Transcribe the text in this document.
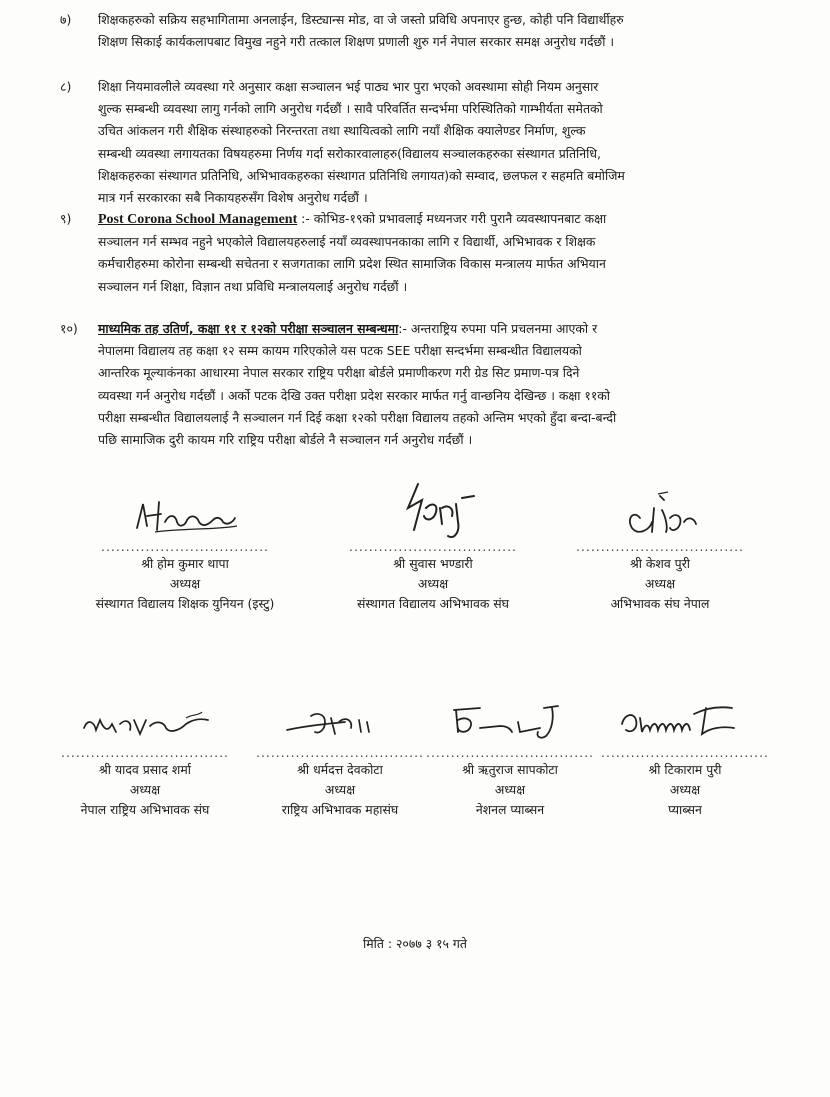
७) शिक्षकहरुको सक्रिय सहभागितामा अनलाईन, डिस्ट्यान्स मोड, वा जे जस्तो प्रविधि अपनाएर हुन्छ, कोही पनि विद्यार्थीहरु
शिक्षण सिकाई कार्यकलापबाट विमुख नहुने गरी तत्काल शिक्षण प्रणाली शुरु गर्न नेपाल सरकार समक्ष अनुरोध गर्दछौं ।
८) शिक्षा नियमावलीले व्यवस्था गरे अनुसार कक्षा सञ्चालन भई पाठ्य भार पुरा भएको अवस्थामा सोही नियम अनुसार
शुल्क सम्बन्धी व्यवस्था लागु गर्नको लागि अनुरोध गर्दछौं । सावै परिवर्तित सन्दर्भमा परिस्थितिको गाम्भीर्यता समेतको
उचित आंकलन गरी शैक्षिक संस्थाहरुको निरन्तरता तथा स्थायित्वको लागि नयाँ शैक्षिक क्यालेण्डर निर्माण, शुल्क
सम्बन्धी व्यवस्था लगायतका विषयहरुमा निर्णय गर्दा सरोकारवालाहरु(विद्यालय सञ्चालकहरुका संस्थागत प्रतिनिधि,
शिक्षकहरुका संस्थागत प्रतिनिधि, अभिभावकहरुका संस्थागत प्रतिनिधि लगायत)को सम्वाद, छलफल र सहमति बमोजिम
मात्र गर्न सरकारका सबै निकायहरुसँग विशेष अनुरोध गर्दछौं ।
९) Post Corona School Management :- कोभिड-१९को प्रभावलाई मध्यनजर गरी पुरानै व्यवस्थापनबाट कक्षा
सञ्चालन गर्न सम्भव नहुने भएकोले विद्यालयहरुलाई नयाँ व्यवस्थापनकाका लागि र विद्यार्थी, अभिभावक र शिक्षक
कर्मचारीहरुमा कोरोना सम्बन्धी सचेतना र सजगताका लागि प्रदेश स्थित सामाजिक विकास मन्त्रालय मार्फत अभियान
सञ्चालन गर्न शिक्षा, विज्ञान तथा प्रविधि मन्त्रालयलाई अनुरोध गर्दछौं ।
१०) माध्यमिक तह उतिर्ण, कक्षा ११ र १२को परीक्षा सञ्चालन सम्बन्धमा:- अन्तराष्ट्रिय रुपमा पनि प्रचलनमा आएको र
नेपालमा विद्यालय तह कक्षा १२ सम्म कायम गरिएकोले यस पटक SEE परीक्षा सन्दर्भमा सम्बन्धीत विद्यालयको
आन्तरिक मूल्याकंनका आधारमा नेपाल सरकार राष्ट्रिय परीक्षा बोर्डले प्रमाणीकरण गरी ग्रेड सिट प्रमाण-पत्र दिने
व्यवस्था गर्न अनुरोध गर्दछौं । अर्को पटक देखि उक्त परीक्षा प्रदेश सरकार मार्फत गर्नु वान्छनिय देखिन्छ । कक्षा ११को
परीक्षा सम्बन्धीत विद्यालयलाई नै सञ्चालन गर्न दिई कक्षा १२को परीक्षा विद्यालय तहको अन्तिम भएको हुँदा बन्दा-बन्दी
पछि सामाजिक दुरी कायम गरि राष्ट्रिय परीक्षा बोर्डले नै सञ्चालन गर्न अनुरोध गर्दछौं ।
..................................
श्री होम कुमार थापा
अध्यक्ष
संस्थागत विद्यालय शिक्षक युनियन (इस्टु)
..................................
श्री सुवास भण्डारी
अध्यक्ष
संस्थागत विद्यालय अभिभावक संघ
..................................
श्री केशव पुरी
अध्यक्ष
अभिभावक संघ नेपाल
..................................
श्री यादव प्रसाद शर्मा
अध्यक्ष
नेपाल राष्ट्रिय अभिभावक संघ
..................................
श्री धर्मदत्त देवकोटा
अध्यक्ष
राष्ट्रिय अभिभावक महासंघ
..................................
श्री ऋतुराज सापकोटा
अध्यक्ष
नेशनल प्याब्सन
..................................
श्री टिकाराम पुरी
अध्यक्ष
प्याब्सन
मिति : २०७७ ३ १५ गते
